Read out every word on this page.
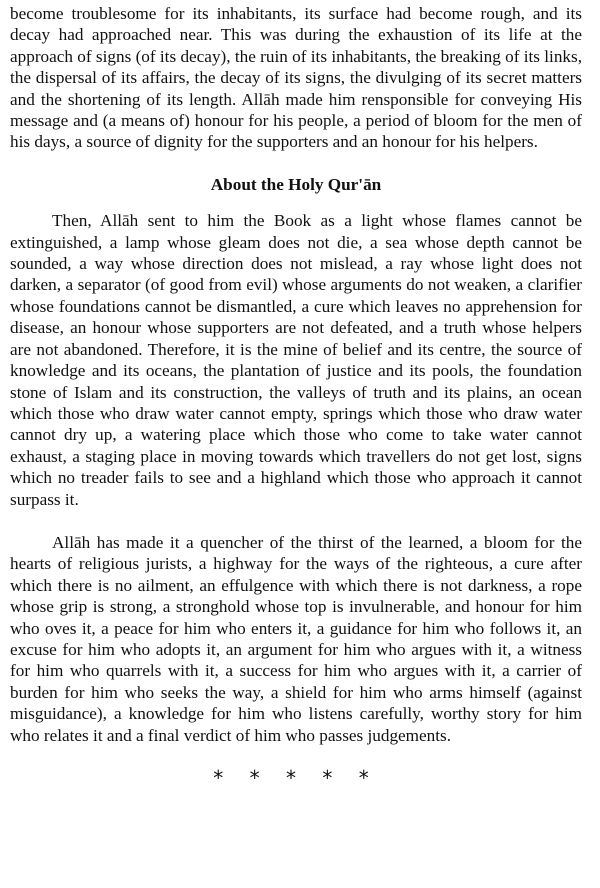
become troublesome for its inhabitants, its surface had become rough, and its decay had approached near. This was during the exhaustion of its life at the approach of signs (of its decay), the ruin of its inhabitants, the breaking of its links, the dispersal of its affairs, the decay of its signs, the divulging of its secret matters and the shortening of its length. Allāh made him rensponsible for conveying His message and (a means of) honour for his people, a period of bloom for the men of his days, a source of dignity for the supporters and an honour for his helpers.

About the Holy Qur'ān

Then, Allāh sent to him the Book as a light whose flames cannot be extinguished, a lamp whose gleam does not die, a sea whose depth cannot be sounded, a way whose direction does not mislead, a ray whose light does not darken, a separator (of good from evil) whose arguments do not weaken, a clarifier whose foundations cannot be dismantled, a cure which leaves no apprehension for disease, an honour whose supporters are not defeated, and a truth whose helpers are not abandoned. Therefore, it is the mine of belief and its centre, the source of knowledge and its oceans, the plantation of justice and its pools, the foundation stone of Islam and its construction, the valleys of truth and its plains, an ocean which those who draw water cannot empty, springs which those who draw water cannot dry up, a watering place which those who come to take water cannot exhaust, a staging place in moving towards which travellers do not get lost, signs which no treader fails to see and a highland which those who approach it cannot surpass it.

Allāh has made it a quencher of the thirst of the learned, a bloom for the hearts of religious jurists, a highway for the ways of the righteous, a cure after which there is no ailment, an effulgence with which there is not darkness, a rope whose grip is strong, a stronghold whose top is invulnerable, and honour for him who oves it, a peace for him who enters it, a guidance for him who follows it, an excuse for him who adopts it, an argument for him who argues with it, a witness for him who quarrels with it, a success for him who argues with it, a carrier of burden for him who seeks the way, a shield for him who arms himself (against misguidance), a knowledge for him who listens carefully, worthy story for him who relates it and a final verdict of him who passes judgements.

* * * * *
